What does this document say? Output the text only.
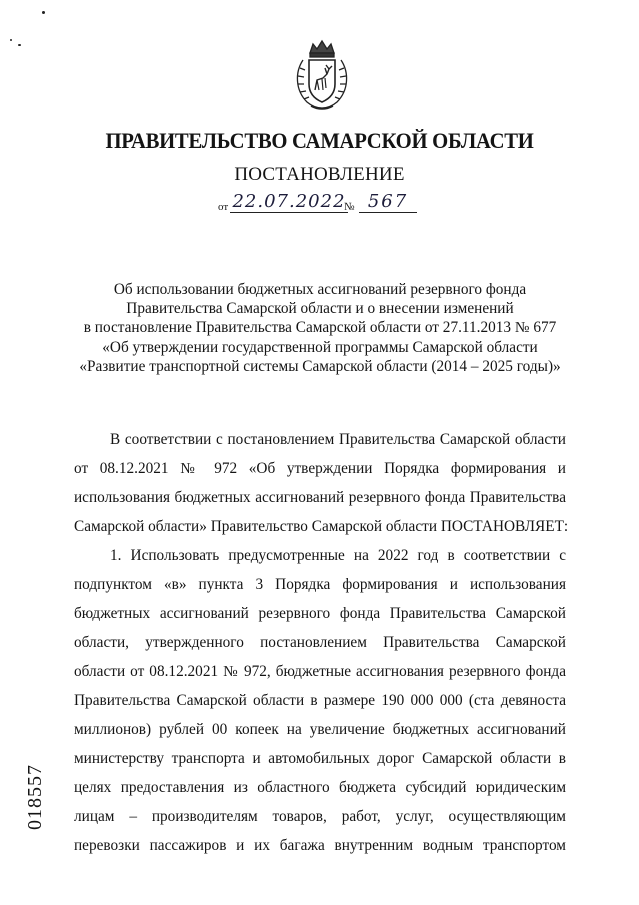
ПРАВИТЕЛЬСТВО САМАРСКОЙ ОБЛАСТИ
ПОСТАНОВЛЕНИЕ
от 22.07.2022
№ 567
Об использовании бюджетных ассигнований резервного фонда
Правительства Самарской области и о внесении изменений
в постановление Правительства Самарской области от 27.11.2013 № 677
«Об утверждении государственной программы Самарской области
«Развитие транспортной системы Самарской области (2014 – 2025 годы)»
В соответствии с постановлением Правительства Самарской области
от 08.12.2021 № 972 «Об утверждении Порядка формирования и
использования бюджетных ассигнований резервного фонда Правительства
Самарской области» Правительство Самарской области ПОСТАНОВЛЯЕТ:
1. Использовать предусмотренные на 2022 год в соответствии с
подпунктом «в» пункта 3 Порядка формирования и использования
бюджетных ассигнований резервного фонда Правительства Самарской
области, утвержденного постановлением Правительства Самарской
области от 08.12.2021 № 972, бюджетные ассигнования резервного фонда
Правительства Самарской области в размере 190 000 000 (ста девяноста
миллионов) рублей 00 копеек на увеличение бюджетных ассигнований
министерству транспорта и автомобильных дорог Самарской области в
целях предоставления из областного бюджета субсидий юридическим
лицам – производителям товаров, работ, услуг, осуществляющим
перевозки пассажиров и их багажа внутренним водным транспортом
018557
